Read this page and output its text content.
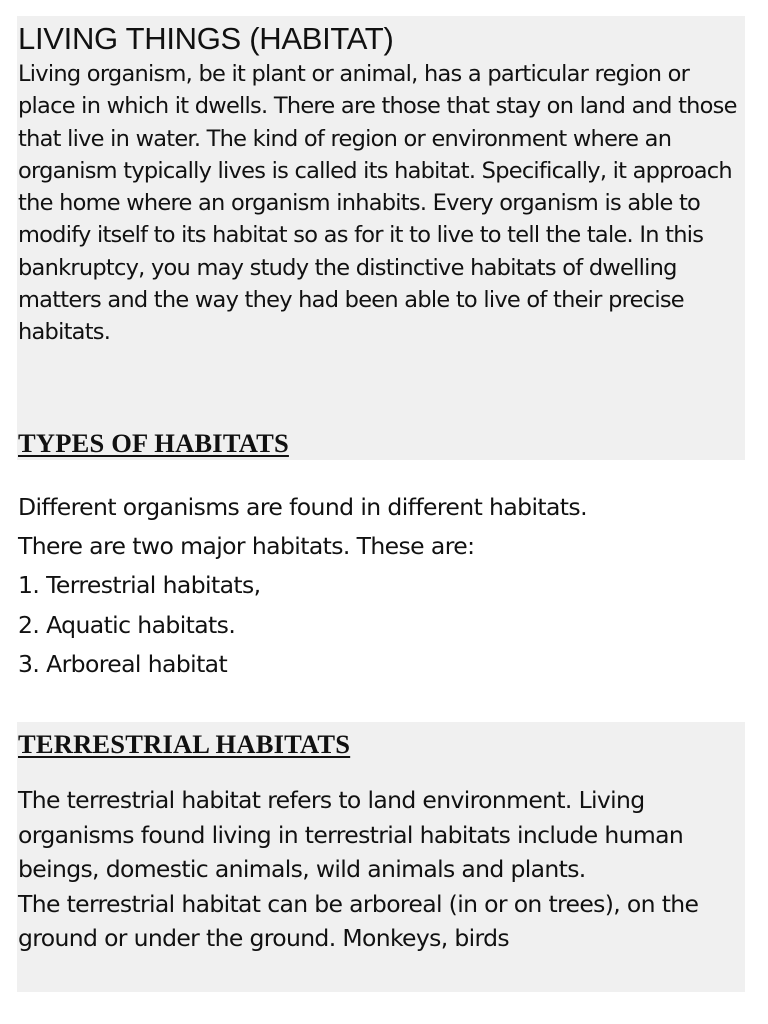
LIVING THINGS (HABITAT)

Living organism, be it plant or animal, has a particular region or place in which it dwells. There are those that stay on land and those that live in water. The kind of region or environment where an organism typically lives is called its habitat. Specifically, it approach the home where an organism inhabits. Every organism is able to modify itself to its habitat so as for it to live to tell the tale. In this bankruptcy, you may study the distinctive habitats of dwelling matters and the way they had been able to live of their precise habitats.

TYPES OF HABITATS

Different organisms are found in different habitats.

There are two major habitats. These are:

1. Terrestrial habitats,
2. Aquatic habitats.
3. Arboreal habitat
TERRESTRIAL HABITATS

The terrestrial habitat refers to land environment. Living organisms found living in terrestrial habitats include human beings, domestic animals, wild animals and plants.

The terrestrial habitat can be arboreal (in or on trees), on the ground or under the ground. Monkeys, birds
